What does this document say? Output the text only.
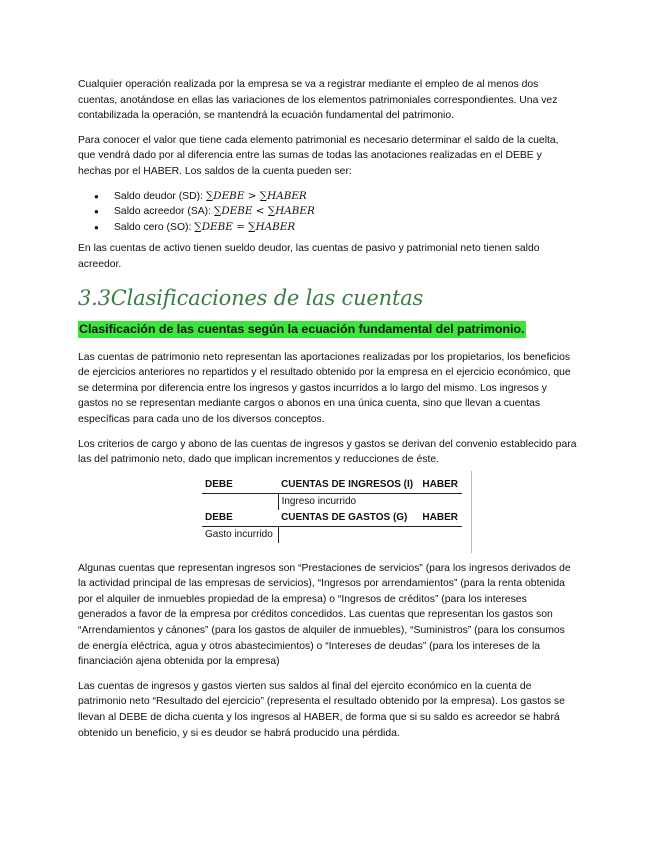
Cualquier operación realizada por la empresa se va a registrar mediante el empleo de al menos dos cuentas, anotándose en ellas las variaciones de los elementos patrimoniales correspondientes. Una vez contabilizada la operación, se mantendrá la ecuación fundamental del patrimonio.

Para conocer el valor que tiene cada elemento patrimonial es necesario determinar el saldo de la cuelta, que vendrá dado por al diferencia entre las sumas de todas las anotaciones realizadas en el DEBE y hechas por el HABER. Los saldos de la cuenta pueden ser:

● Saldo deudor (SD): ∑DEBE > ∑HABER
● Saldo acreedor (SA): ∑DEBE < ∑HABER
● Saldo cero (SO): ∑DEBE = ∑HABER

En las cuentas de activo tienen sueldo deudor, las cuentas de pasivo y patrimonial neto tienen saldo acreedor.

3.3Clasificaciones de las cuentas
Clasificación de las cuentas según la ecuación fundamental del patrimonio.

Las cuentas de patrimonio neto representan las aportaciones realizadas por los propietarios, los beneficios de ejercicios anteriores no repartidos y el resultado obtenido por la empresa en el ejercicio económico, que se determina por diferencia entre los ingresos y gastos incurridos a lo largo del mismo. Los ingresos y gastos no se representan mediante cargos o abonos en una única cuenta, sino que llevan a cuentas específicas para cada uno de los diversos conceptos.

Los criterios de cargo y abono de las cuentas de ingresos y gastos se derivan del convenio establecido para las del patrimonio neto, dado que implican incrementos y reducciones de éste.

DEBE	CUENTAS DE INGRESOS (I)	HABER
	Ingreso incurrido	
DEBE	CUENTAS DE GASTOS (G)	HABER
Gasto incurrido		

Algunas cuentas que representan ingresos son “Prestaciones de servicios” (para los ingresos derivados de la actividad principal de las empresas de servicios), “Ingresos por arrendamientos” (para la renta obtenida por el alquiler de inmuebles propiedad de la empresa) o “Ingresos de créditos” (para los intereses generados a favor de la empresa por créditos concedidos. Las cuentas que representan los gastos son “Arrendamientos y cánones” (para los gastos de alquiler de inmuebles), “Suministros” (para los consumos de energía eléctrica, agua y otros abastecimientos) o “Intereses de deudas” (para los intereses de la financiación ajena obtenida por la empresa)

Las cuentas de ingresos y gastos vierten sus saldos al final del ejercito económico en la cuenta de patrimonio neto “Resultado del ejercicio” (representa el resultado obtenido por la empresa). Los gastos se llevan al DEBE de dicha cuenta y los ingresos al HABER, de forma que si su saldo es acreedor se habrá obtenido un beneficio, y si es deudor se habrá producido una pérdida.
